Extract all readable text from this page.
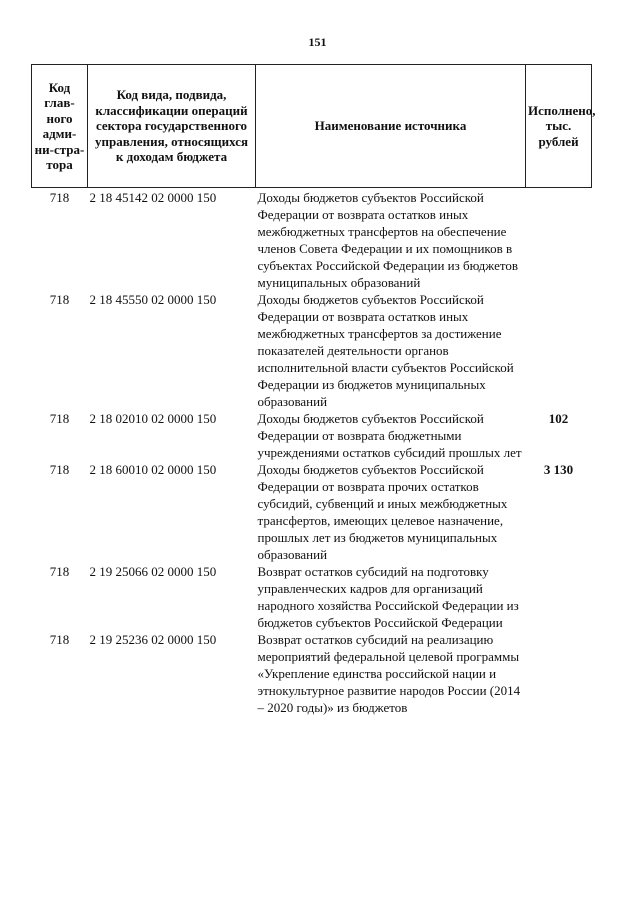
151
Код глав-ного адми-ни-стра-тора	Код вида, подвида, классификации операций сектора государственного управления, относящихся к доходам бюджета	Наименование источника	Исполнено, тыс. рублей
718	2 18 45142 02 0000 150	Доходы бюджетов субъектов Российской Федерации от возврата остатков иных межбюджетных трансфертов на обеспечение членов Совета Федерации и их помощников в субъектах Российской Федерации из бюджетов муниципальных образований	
718	2 18 45550 02 0000 150	Доходы бюджетов субъектов Российской Федерации от возврата остатков иных межбюджетных трансфертов за достижение показателей деятельности органов исполнительной власти субъектов Российской Федерации из бюджетов муниципальных образований	
718	2 18 02010 02 0000 150	Доходы бюджетов субъектов Российской Федерации от возврата бюджетными учреждениями остатков субсидий прошлых лет	102
718	2 18 60010 02 0000 150	Доходы бюджетов субъектов Российской Федерации от возврата прочих остатков субсидий, субвенций и иных межбюджетных трансфертов, имеющих целевое назначение, прошлых лет из бюджетов муниципальных образований	3 130
718	2 19 25066 02 0000 150	Возврат остатков субсидий на подготовку управленческих кадров для организаций народного хозяйства Российской Федерации из бюджетов субъектов Российской Федерации	
718	2 19 25236 02 0000 150	Возврат остатков субсидий на реализацию мероприятий федеральной целевой программы «Укрепление единства российской нации и этнокультурное развитие народов России (2014 – 2020 годы)» из бюджетов	
